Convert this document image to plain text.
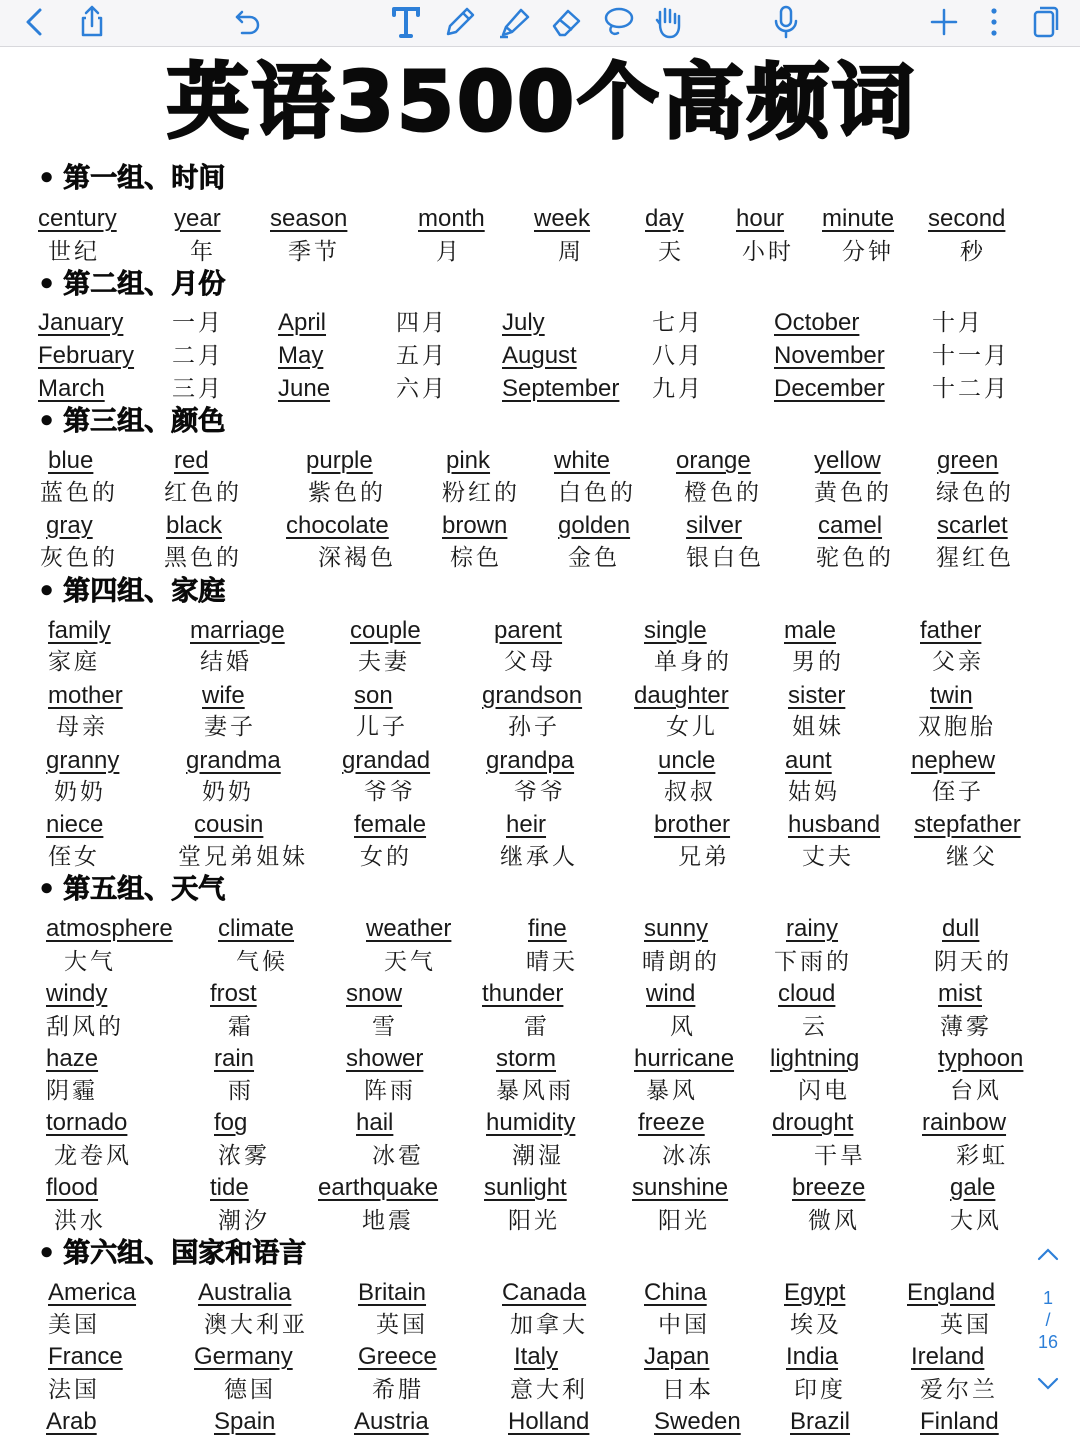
英语3500个高频词
• 第一组、时间
century year season	month week day hour minute second
世纪	年	季节	月	周	天	小时 分钟	秒
• 第二组、月份
January 一月 April	四月 July	七月	October	十月
February 二月 May	五月 August	八月	November 十一月
March	三月 June	六月 September 九月	December 十二月
• 第三组、颜色
blue	red	purple	pink	white	orange	yellow green
蓝色的 红色的	紫色的 粉红的 白色的 橙色的 黄色的 绿色的
gray	black	chocolate brown golden silver	camel scarlet
灰色的 黑色的	深褐色 棕色	金色	银白色 驼色的 猩红色
• 第四组、家庭
family	marriage	couple	parent	single	male	father
家庭	结婚	夫妻	父母	单身的	男的	父亲
mother	wife	son	grandson daughter sister	twin
母亲	妻子	儿子	孙子	女儿	姐妹	双胞胎
granny	grandma	grandad grandpa	uncle	aunt	nephew
奶奶	奶奶	爷爷	爷爷	叔叔	姑妈	侄子
niece	cousin	female	heir	brother husband stepfather
侄女	堂兄弟姐妹 女的	继承人	兄弟	丈夫	继父
• 第五组、天气
atmosphere climate	weather	fine	sunny	rainy	dull
大气	气候	天气	晴天	晴朗的 下雨的	阴天的
windy	frost	snow	thunder	wind	cloud	mist
刮风的	霜	雪	雷	风	云	薄雾
haze	rain	shower	storm	hurricane lightning	typhoon
阴霾	雨	阵雨	暴风雨	暴风	闪电	台风
tornado	fog	hail	humidity	freeze	drought	rainbow
龙卷风	浓雾	冰雹	潮湿	冰冻	干旱	彩虹
flood	tide	earthquake sunlight	sunshine	breeze	gale
洪水	潮汐	地震	阳光	阳光	微风	大风
• 第六组、国家和语言
America	Australia	Britain	Canada China	Egypt	England
美国	澳大利亚	英国	加拿大	中国	埃及	英国
France	Germany	Greece	Italy	Japan	India	Ireland
法国	德国	希腊	意大利	日本	印度	爱尔兰
Arab	Spain	Austria	Holland	Sweden Brazil	Finland
1
/
16
